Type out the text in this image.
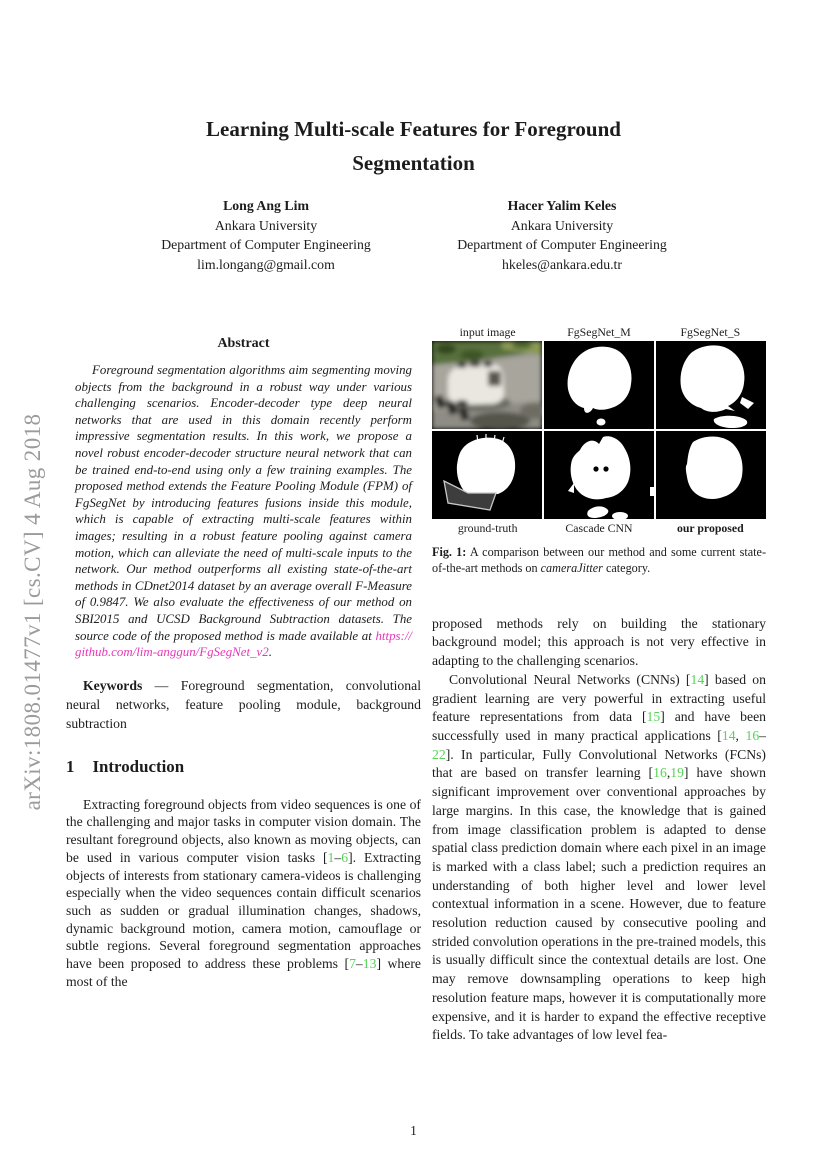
arXiv:1808.01477v1 [cs.CV] 4 Aug 2018
Learning Multi-scale Features for Foreground
Segmentation
Long Ang Lim
Ankara University
Department of Computer Engineering
lim.longang@gmail.com
Hacer Yalim Keles
Ankara University
Department of Computer Engineering
hkeles@ankara.edu.tr
Abstract

Foreground segmentation algorithms aim segmenting moving objects from the background in a robust way under various challenging scenarios. Encoder-decoder type deep neural networks that are used in this domain recently perform impressive segmentation results. In this work, we propose a novel robust encoder-decoder structure neural network that can be trained end-to-end using only a few training examples. The proposed method extends the Feature Pooling Module (FPM) of FgSegNet by introducing features fusions inside this module, which is capable of extracting multi-scale features within images; resulting in a robust feature pooling against camera motion, which can alleviate the need of multi-scale inputs to the network. Our method outperforms all existing state-of-the-art methods in CDnet2014 dataset by an average overall F-Measure of 0.9847. We also evaluate the effectiveness of our method on SBI2015 and UCSD Background Subtraction datasets. The source code of the proposed method is made available at https://github.com/lim-anggun/FgSegNet_v2.

Keywords — Foreground segmentation, convolutional neural networks, feature pooling module, background subtraction

1 Introduction

Extracting foreground objects from video sequences is one of the challenging and major tasks in computer vision domain. The resultant foreground objects, also known as moving objects, can be used in various computer vision tasks [1–6]. Extracting objects of interests from stationary camera-videos is challenging especially when the video sequences contain difficult scenarios such as sudden or gradual illumination changes, shadows, dynamic background motion, camera motion, camouflage or subtle regions. Several foreground segmentation approaches have been proposed to address these problems [7–13] where most of the

input image	FgSegNet_M	FgSegNet_S
ground-truth	Cascade CNN	our proposed

Fig. 1: A comparison between our method and some current state-of-the-art methods on cameraJitter category.

proposed methods rely on building the stationary background model; this approach is not very effective in adapting to the challenging scenarios.

Convolutional Neural Networks (CNNs) [14] based on gradient learning are very powerful in extracting useful feature representations from data [15] and have been successfully used in many practical applications [14, 16–22]. In particular, Fully Convolutional Networks (FCNs) that are based on transfer learning [16,19] have shown significant improvement over conventional approaches by large margins. In this case, the knowledge that is gained from image classification problem is adapted to dense spatial class prediction domain where each pixel in an image is marked with a class label; such a prediction requires an understanding of both higher level and lower level contextual information in a scene. However, due to feature resolution reduction caused by consecutive pooling and strided convolution operations in the pre-trained models, this is usually difficult since the contextual details are lost. One may remove downsampling operations to keep high resolution feature maps, however it is computationally more expensive, and it is harder to expand the effective receptive fields. To take advantages of low level fea-

1
